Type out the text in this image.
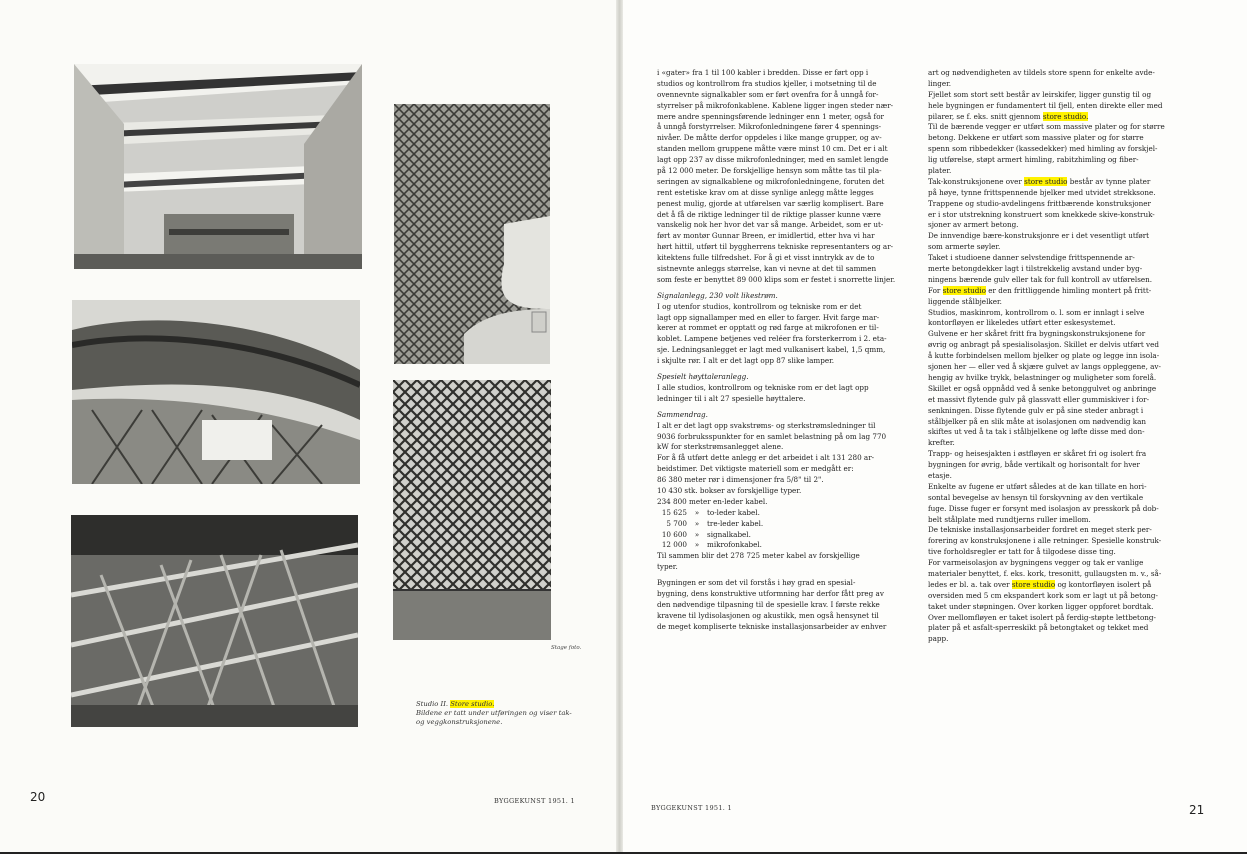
Stage foto.
Studio II. Store studio.
Bildene er tatt under utføringen og viser tak-
og veggkonstruksjonene.
20	BYGGEKUNST 1951. 1
i «gater» fra 1 til 100 kabler i bredden. Disse er ført opp i
studios og kontrollrom fra studios kjeller, i motsetning til de
ovennevnte signalkabler som er ført ovenfra for å unngå for-
styrrelser på mikrofonkablene. Kablene ligger ingen steder nær-
mere andre spenningsførende ledninger enn 1 meter, også for
å unngå forstyrrelser. Mikrofonledningene fører 4 spennings-
nivåer. De måtte derfor oppdeles i like mange grupper, og av-
standen mellom gruppene måtte være minst 10 cm. Det er i alt
lagt opp 237 av disse mikrofonledninger, med en samlet lengde
på 12 000 meter. De forskjellige hensyn som måtte tas til pla-
seringen av signalkablene og mikrofonledningene, foruten det
rent estetiske krav om at disse synlige anlegg måtte legges
penest mulig, gjorde at utførelsen var særlig komplisert. Bare
det å få de riktige ledninger til de riktige plasser kunne være
vanskelig nok her hvor det var så mange. Arbeidet, som er ut-
ført av montør Gunnar Breen, er imidlertid, etter hva vi har
hørt hittil, utført til byggherrens tekniske representanters og ar-
kitektens fulle tilfredshet. For å gi et visst inntrykk av de to
sistnevnte anleggs størrelse, kan vi nevne at det til sammen
som feste er benyttet 89 000 klips som er festet i snorrette linjer.
Signalanlegg, 230 volt likestrøm.
I og utenfor studios, kontrollrom og tekniske rom er det
lagt opp signallamper med en eller to farger. Hvit farge mar-
kerer at rommet er opptatt og rød farge at mikrofonen er til-
koblet. Lampene betjenes ved reléer fra forsterkerrom i 2. eta-
sje. Ledningsanlegget er lagt med vulkanisert kabel, 1,5 qmm,
i skjulte rør. I alt er det lagt opp 87 slike lamper.
Spesielt høyttaleranlegg.
I alle studios, kontrollrom og tekniske rom er det lagt opp
ledninger til i alt 27 spesielle høyttalere.
Sammendrag.
I alt er det lagt opp svakstrøms- og sterkstrømsledninger til
9036 forbruksspunkter for en samlet belastning på om lag 770
kW for sterkstrømsanlegget alene.
For å få utført dette anlegg er det arbeidet i alt 131 280 ar-
beidstimer. Det viktigste materiell som er medgått er:
86 380 meter rør i dimensjoner fra 5/8" til 2".
10 430 stk. bokser av forskjellige typer.
234 800 meter en-leder kabel.
15 625 » to-leder kabel.
5 700 » tre-leder kabel.
10 600 » signalkabel.
12 000 » mikrofonkabel.
Til sammen blir det 278 725 meter kabel av forskjellige
typer.
Bygningen er som det vil forstås i høy grad en spesial-
bygning, dens konstruktive utformning har derfor fått preg av
den nødvendige tilpasning til de spesielle krav. I første rekke
kravene til lydisolasjonen og akustikk, men også hensynet til
de meget kompliserte tekniske installasjonsarbeider av enhver
art og nødvendigheten av tildels store spenn for enkelte avde-
linger.
Fjellet som stort sett består av leirskifer, ligger gunstig til og
hele bygningen er fundamentert til fjell, enten direkte eller med
pilarer, se f. eks. snitt gjennom store studio.
Til de bærende vegger er utført som massive plater og for større
betong. Dekkene er utført som massive plater og for større
spenn som ribbedekker (kassedekker) med himling av forskjel-
lig utførelse, støpt armert himling, rabitzhimling og fiber-
plater.
Tak-konstruksjonene over store studio består av tynne plater
på høye, tynne frittspennende bjelker med utvidet strekksone.
Trappene og studio-avdelingens frittbærende konstruksjoner
er i stor utstrekning konstruert som knekkede skive-konstruk-
sjoner av armert betong.
De innvendige bære-konstruksjonre er i det vesentligt utført
som armerte søyler.
Taket i studioene danner selvstendige frittspennende ar-
merte betongdekker lagt i tilstrekkelig avstand under byg-
ningens bærende gulv eller tak for full kontroll av utførelsen.
For store studio er den frittliggende himling montert på fritt-
liggende stålbjelker.
Studios, maskinrom, kontrollrom o. l. som er innlagt i selve
kontorfløyen er likeledes utført etter eskesystemet.
Gulvene er her skåret fritt fra bygningskonstruksjonene for
øvrig og anbragt på spesialisolasjon. Skillet er delvis utført ved
å kutte forbindelsen mellom bjelker og plate og legge inn isola-
sjonen her — eller ved å skjære gulvet av langs oppleggene, av-
hengig av hvilke trykk, belastninger og muligheter som forelå.
Skillet er også oppnådd ved å senke betonggulvet og anbringe
et massivt flytende gulv på glassvatt eller gummiskiver i for-
senkningen. Disse flytende gulv er på sine steder anbragt i
stålbjelker på en slik måte at isolasjonen om nødvendig kan
skiftes ut ved å ta tak i stålbjelkene og løfte disse med don-
krefter.
Trapp- og heisesjakten i østfløyen er skåret fri og isolert fra
bygningen for øvrig, både vertikalt og horisontalt for hver
etasje.
Enkelte av fugene er utført således at de kan tillate en hori-
sontal bevegelse av hensyn til forskyvning av den vertikale
fuge. Disse fuger er forsynt med isolasjon av presskork på dob-
belt stålplate med rundtjerns ruller imellom.
De tekniske installasjonsarbeider fordret en meget sterk per-
forering av konstruksjonene i alle retninger. Spesielle konstruk-
tive forholdsregler er tatt for å tilgodese disse ting.
For varmeisolasjon av bygningens vegger og tak er vanlige
materialer benyttet, f. eks. kork, tresonitt, gullaugsten m. v., så-
ledes er bl. a. tak over store studio og kontorfløyen isolert på
oversiden med 5 cm ekspandert kork som er lagt ut på betong-
taket under støpningen. Over korken ligger oppforet bordtak.
Over mellomfløyen er taket isolert på ferdig-støpte lettbetong-
plater på et asfalt-sperreskikt på betongtaket og tekket med
papp.
BYGGEKUNST 1951. 1	21
